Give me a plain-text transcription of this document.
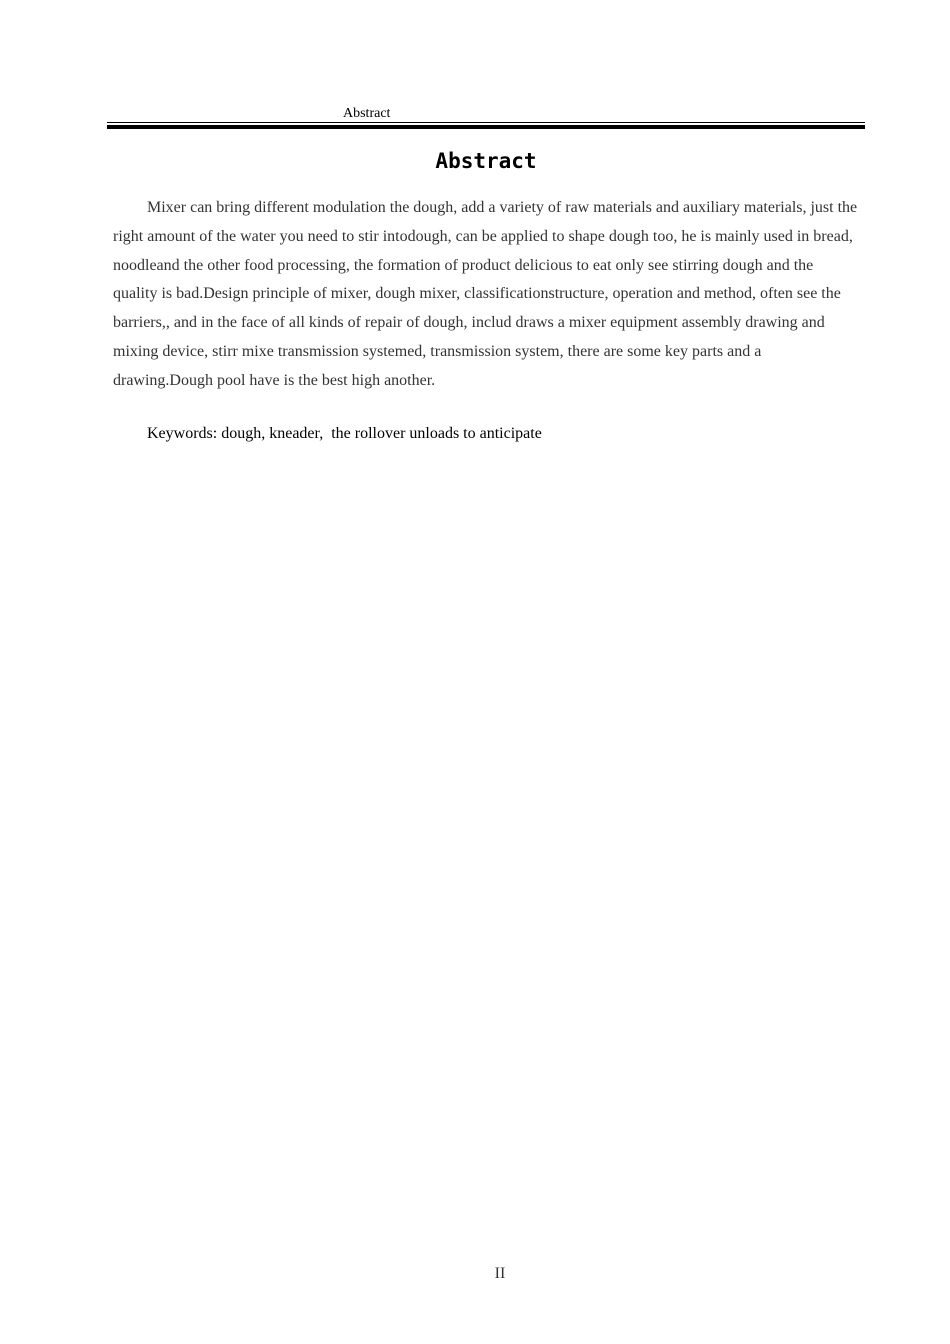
Abstract
Abstract

Mixer can bring different modulation the dough, add a variety of raw materials and auxiliary materials, just the right amount of the water you need to stir intodough, can be applied to shape dough too, he is mainly used in bread, noodleand the other food processing, the formation of product delicious to eat only see stirring dough and the quality is bad.Design principle of mixer, dough mixer, classificationstructure, operation and method, often see the barriers,, and in the face of all kinds of repair of dough, includ draws a mixer equipment assembly drawing and mixing device, stirr mixe transmission systemed, transmission system, there are some key parts and a drawing.Dough pool have is the best high another.

Keywords: dough, kneader,  the rollover unloads to anticipate
II
